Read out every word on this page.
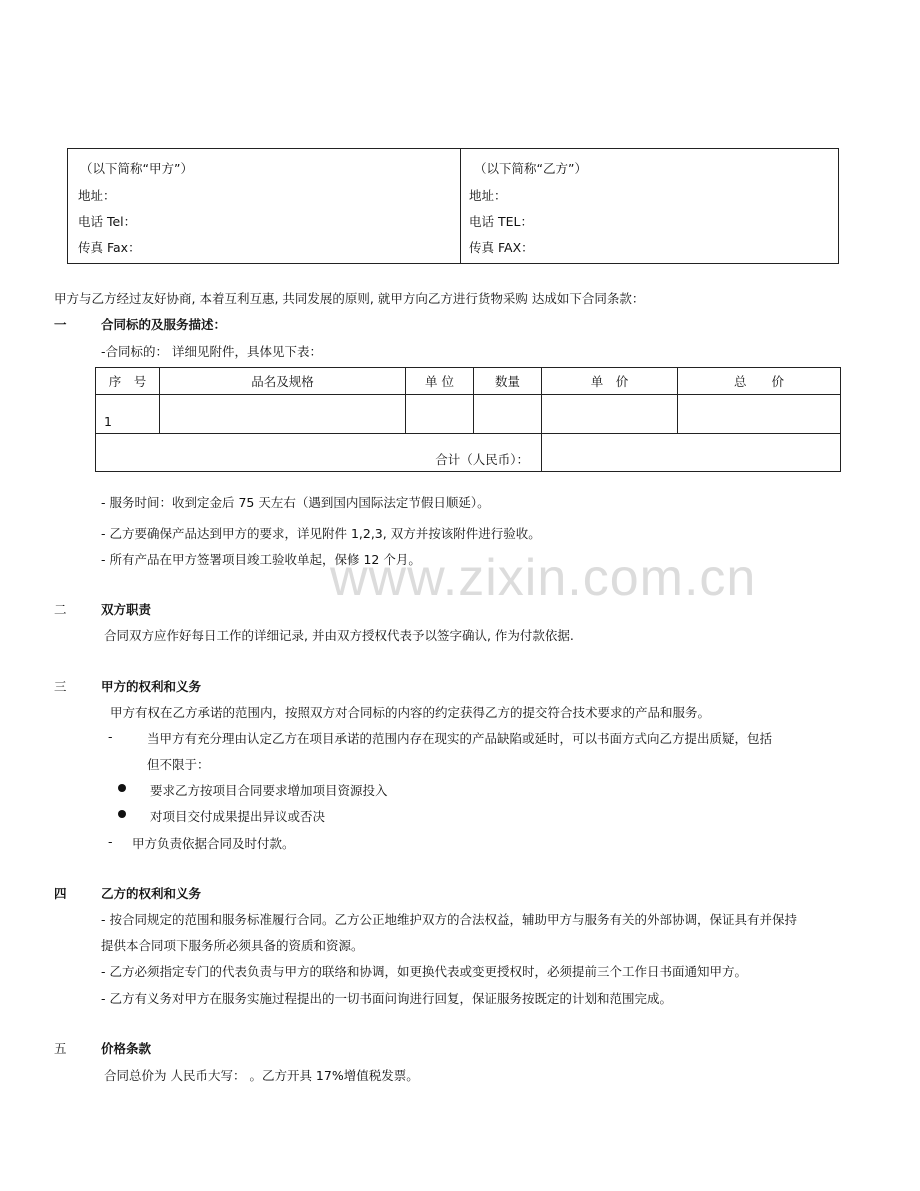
（以下简称“甲方”）
地址：
电话 Tel：
传真 Fax：
（以下简称“乙方”）
地址：
电话 TEL：
传真 FAX：
甲方与乙方经过友好协商, 本着互利互惠, 共同发展的原则, 就甲方向乙方进行货物采购 达成如下合同条款：
一	合同标的及服务描述：
-合同标的： 详细见附件，具体见下表：
序　号	品名及规格	单 位	数量	单　价	总　　价
1					
合计（人民币）：					
- 服务时间：收到定金后 75 天左右（遇到国内国际法定节假日顺延）。
- 乙方要确保产品达到甲方的要求，详见附件 1,2,3, 双方并按该附件进行验收。
- 所有产品在甲方签署项目竣工验收单起，保修 12 个月。
二	双方职责
合同双方应作好每日工作的详细记录, 并由双方授权代表予以签字确认, 作为付款依据.
三	甲方的权利和义务
甲方有权在乙方承诺的范围内，按照双方对合同标的内容的约定获得乙方的提交符合技术要求的产品和服务。
-	当甲方有充分理由认定乙方在项目承诺的范围内存在现实的产品缺陷或延时，可以书面方式向乙方提出质疑，包括
但不限于：
要求乙方按项目合同要求增加项目资源投入
对项目交付成果提出异议或否决
- 甲方负责依据合同及时付款。
四	乙方的权利和义务
- 按合同规定的范围和服务标准履行合同。乙方公正地维护双方的合法权益，辅助甲方与服务有关的外部协调，保证具有并保持
提供本合同项下服务所必须具备的资质和资源。
- 乙方必须指定专门的代表负责与甲方的联络和协调，如更换代表或变更授权时，必须提前三个工作日书面通知甲方。
- 乙方有义务对甲方在服务实施过程提出的一切书面问询进行回复，保证服务按既定的计划和范围完成。
五	价格条款
合同总价为 人民币大写： 。乙方开具 17%增值税发票。
www.zixin.com.cn
